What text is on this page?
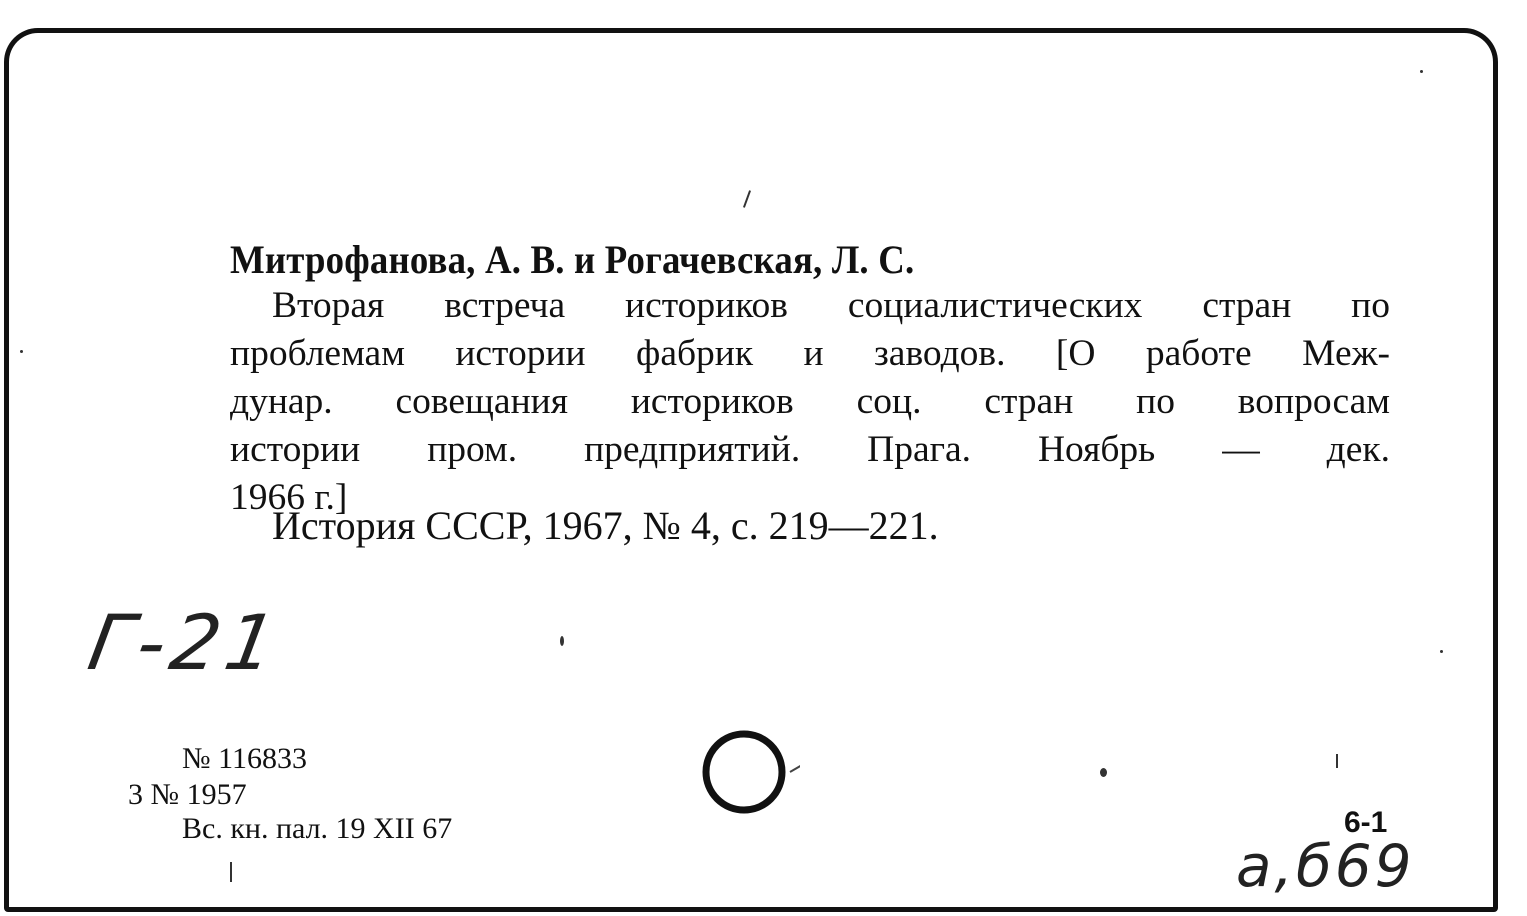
Митрофанова, А. В. и Рогачевская, Л. С.
Вторая встреча историков социалистических стран по
проблемам истории фабрик и заводов. [О работе Меж-
дунар. совещания историков соц. стран по вопросам
истории пром. предприятий. Прага. Ноябрь — дек.
1966 г.]
История СССР, 1967, № 4, с. 219—221.
Г-21
№ 116833
3 № 1957
Вс. кн. пал. 19 XII 67	6-1
а,б69
